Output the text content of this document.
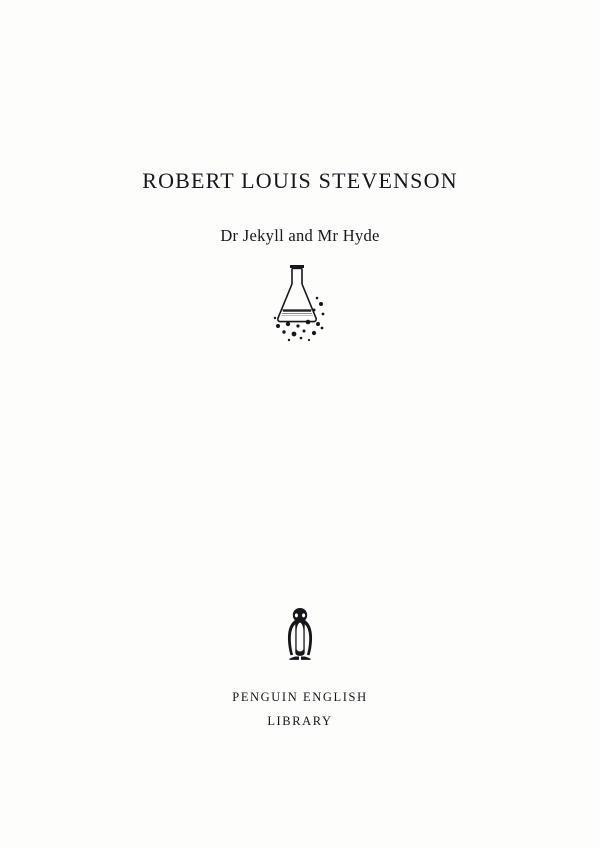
ROBERT LOUIS STEVENSON
Dr Jekyll and Mr Hyde
PENGUIN ENGLISH
LIBRARY
